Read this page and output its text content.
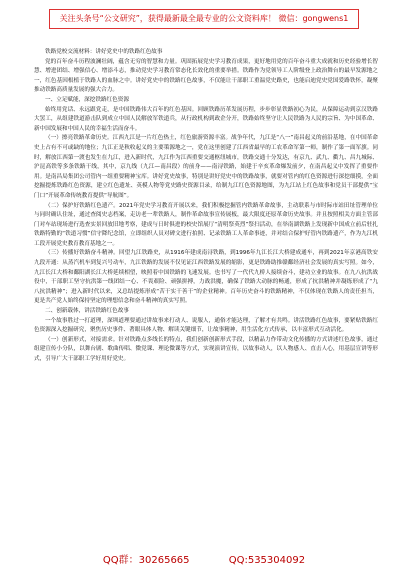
关注头条号“公文研究”，获得最新最全最专业的公文资料库！ 微信：gongwens1

铁路党校交流材料：讲好党史中的铁路红色故事

党的百年奋斗历程波澜壮阔，蕴含无穷的智慧和力量。巩固拓展党史学习教育成果，更好地用党的百年奋斗重大成就和历史经验增长智慧、增进团结、增强信心、增添斗志，推动党史学习教育常态化长效化的重要举措。铁路作为党领导工人阶级登上政治舞台的最早发源地之一，红色基因根植于铁路人的血脉之中。讲好党史中的铁路红色故事，不仅能让干部职工重温党史路史，也能启迪党史党国爱路铁怀，凝聚推动铁路高质量发展的强大合力。

一、立足赋能，深挖铁路红色资源

始终用党话、永远跟党走，是中国铁路伟大百年的红色基因。回顾铁路历革发展历程，步步彰显铁路初心为民，从保障运动到京汉铁路大罢工，从组建铁道游击队到成立中国人民解放军铁道兵，从行政机构到政企分开，铁路始终坚守让人民铁路为人民的宗旨、为中国革命、新中国发展和中国人民的幸福生活而奋斗。

（一）擦亮铁路革命历史。江西九江是一片红色热土，红色旅游资源丰富。战争年代，九江是“八一”南昌起义的前沿基地，在中国革命史上占有不可或缺的地位；九江正是秋收起义的主要策源地之一，党在这里创建了江西省最早的工农革命军第一师，制作了第一面军旗。同时，解放江西第一渡也发生在九江，进入新时代，九江作为江西重要交通枢纽城市，铁路交通十分发达，有京九、武九、衢九、昌九城际、沪昆高铁等多条铁路干线，其中，京九线（九江—南昌段）的前身——南浔铁路，始建于辛亥革命爆发前夕，在南昌起义中发挥了重要作用。是南昌局集团公司管内一组重要精神宝库。讲好党史故事，特别是讲好党史中的铁路故事，就要对管内的红色资源进行深挖细摸，全面挖掘提炼铁路红色资源，建立红色遗址、英模人物等党史路史资源目录，给制九江红色资源地图，为九江站上红色故事和党员干部提供“宝门口”开展革命传统教育提供“导航图”。

（二）保护好铁路红色遗产。2021年党史学习教育开展以来，我们积极挖掘管内铁路革命故事，主动联系与市时际市站田址管理单位与同时确认住址，通过查阅史志档案，走访老一辈铁路人，制作革命故事宣传展板，最大限度还原革命历史故事。并且按照相关方面主管部门对车站现场进行选查实景回放旧地考察，建成与日时俱进的校史馆展厅“清明祭英烈”祭扫活动，在举南湖铁路上发现新中国成立前后驻扎铁路特勤的“铁道习惯”信守降纪念馆，立即组织人员对碑文进行拍照、记录铁路工人革命事迹，并对结合保护好管内铁路遗产，作为九江机工段开展党史教育教育基地之一。

（三）传播好铁路奋斗精神。回望九江铁路史，从1916年建成南浔铁路，到1996年九江长江大桥建成通车，再到2021年京港高铁安九段开通：从蒸汽机车到复兴号动车，九江铁路的发展不仅见证江西铁路发展的缩影，更是铁路助推赣鄱经济社会发展的真实写照。如今，九江长江大桥和鄱阳湖长江大桥延续相望，映照着中国铁路的飞速发展。也书写了一代代九桥人接续奋斗，建功立业的故事。在九八抗洪战役中，干部职工坚守抗洪第一线团结一心、不畏艰险、顽强拼搏，力战洪魔，确保了铁路大动脉的畅通，形成了抗洪精神并凝练形成了“九八抗洪精神”；进入新时代以来，又总结提炼形成“苦干实干善干”的企业精神。百年历史奋斗的铁路精神，不仅体现在铁路人的责任担当，更是共产党人始终保持坚定的理想信念和奋斗精神的真实写照。

二、创新载体，讲活铁路红色故事

一个故事胜过一打道理，深圳道理要通过讲故事来打动人、说服人，通俗才能达理，了解才有共鸣。讲活铁路红色故事，要紧贴铁路红色资源深入挖掘研究，聚焦历史事件、著眼具体人物、解读关键细节，让故事精神，用生活化方式传承，以丰富形式互动活化。

（一）创新形式，对接需求。针对铁路点多线长的特点，我们创新创新形式手段，以精品力作带动文化传播的方式讲述红色故事，通过组建宣传小分队，以舞台剧、歌曲传唱、微党课、理论微课等方式，实现演讲宣传，以故事动人，以人物感人、直击人心，用基层宣讲等形式，引导广大干部职工学好用好党史。

QQ群：30265665	QQ:535304092
